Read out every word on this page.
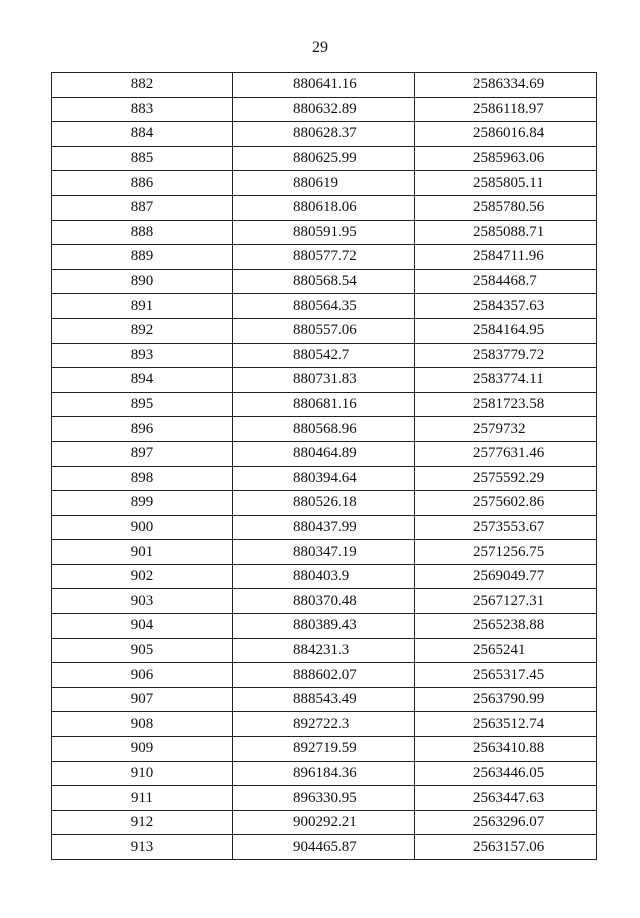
29
882	880641.16	2586334.69
883	880632.89	2586118.97
884	880628.37	2586016.84
885	880625.99	2585963.06
886	880619	2585805.11
887	880618.06	2585780.56
888	880591.95	2585088.71
889	880577.72	2584711.96
890	880568.54	2584468.7
891	880564.35	2584357.63
892	880557.06	2584164.95
893	880542.7	2583779.72
894	880731.83	2583774.11
895	880681.16	2581723.58
896	880568.96	2579732
897	880464.89	2577631.46
898	880394.64	2575592.29
899	880526.18	2575602.86
900	880437.99	2573553.67
901	880347.19	2571256.75
902	880403.9	2569049.77
903	880370.48	2567127.31
904	880389.43	2565238.88
905	884231.3	2565241
906	888602.07	2565317.45
907	888543.49	2563790.99
908	892722.3	2563512.74
909	892719.59	2563410.88
910	896184.36	2563446.05
911	896330.95	2563447.63
912	900292.21	2563296.07
913	904465.87	2563157.06
